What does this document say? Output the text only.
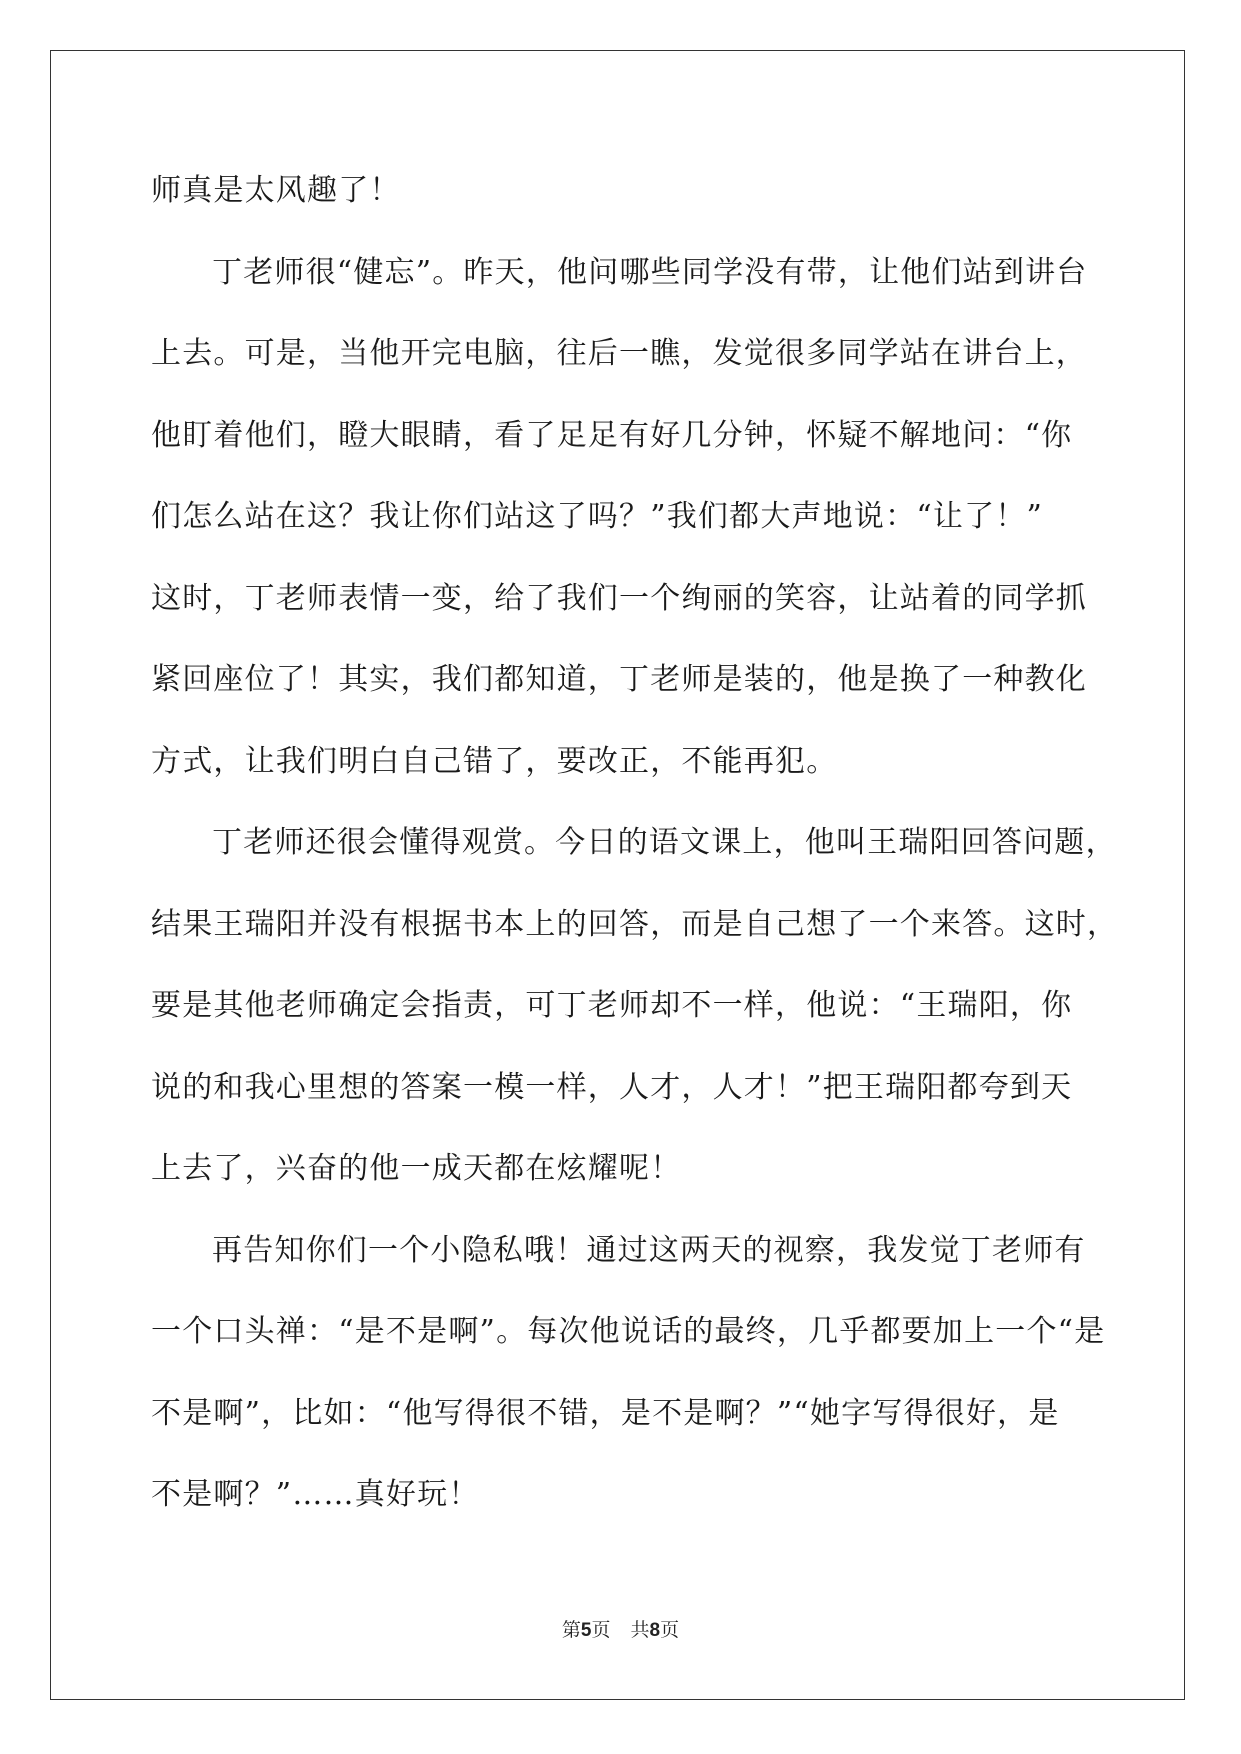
师真是太风趣了！
丁老师很“健忘”。昨天，他问哪些同学没有带，让他们站到讲台
上去。可是，当他开完电脑，往后一瞧，发觉很多同学站在讲台上，
他盯着他们，瞪大眼睛，看了足足有好几分钟，怀疑不解地问：“你
们怎么站在这？我让你们站这了吗？”我们都大声地说：“让了！”
这时，丁老师表情一变，给了我们一个绚丽的笑容，让站着的同学抓
紧回座位了！其实，我们都知道，丁老师是装的，他是换了一种教化
方式，让我们明白自己错了，要改正，不能再犯。
丁老师还很会懂得观赏。今日的语文课上，他叫王瑞阳回答问题，
结果王瑞阳并没有根据书本上的回答，而是自己想了一个来答。这时，
要是其他老师确定会指责，可丁老师却不一样，他说：“王瑞阳，你
说的和我心里想的答案一模一样，人才，人才！”把王瑞阳都夸到天
上去了，兴奋的他一成天都在炫耀呢！
再告知你们一个小隐私哦！通过这两天的视察，我发觉丁老师有
一个口头禅：“是不是啊”。每次他说话的最终，几乎都要加上一个“是
不是啊”，比如：“他写得很不错，是不是啊？”“她字写得很好，是
不是啊？”……真好玩！
第5页 共8页
